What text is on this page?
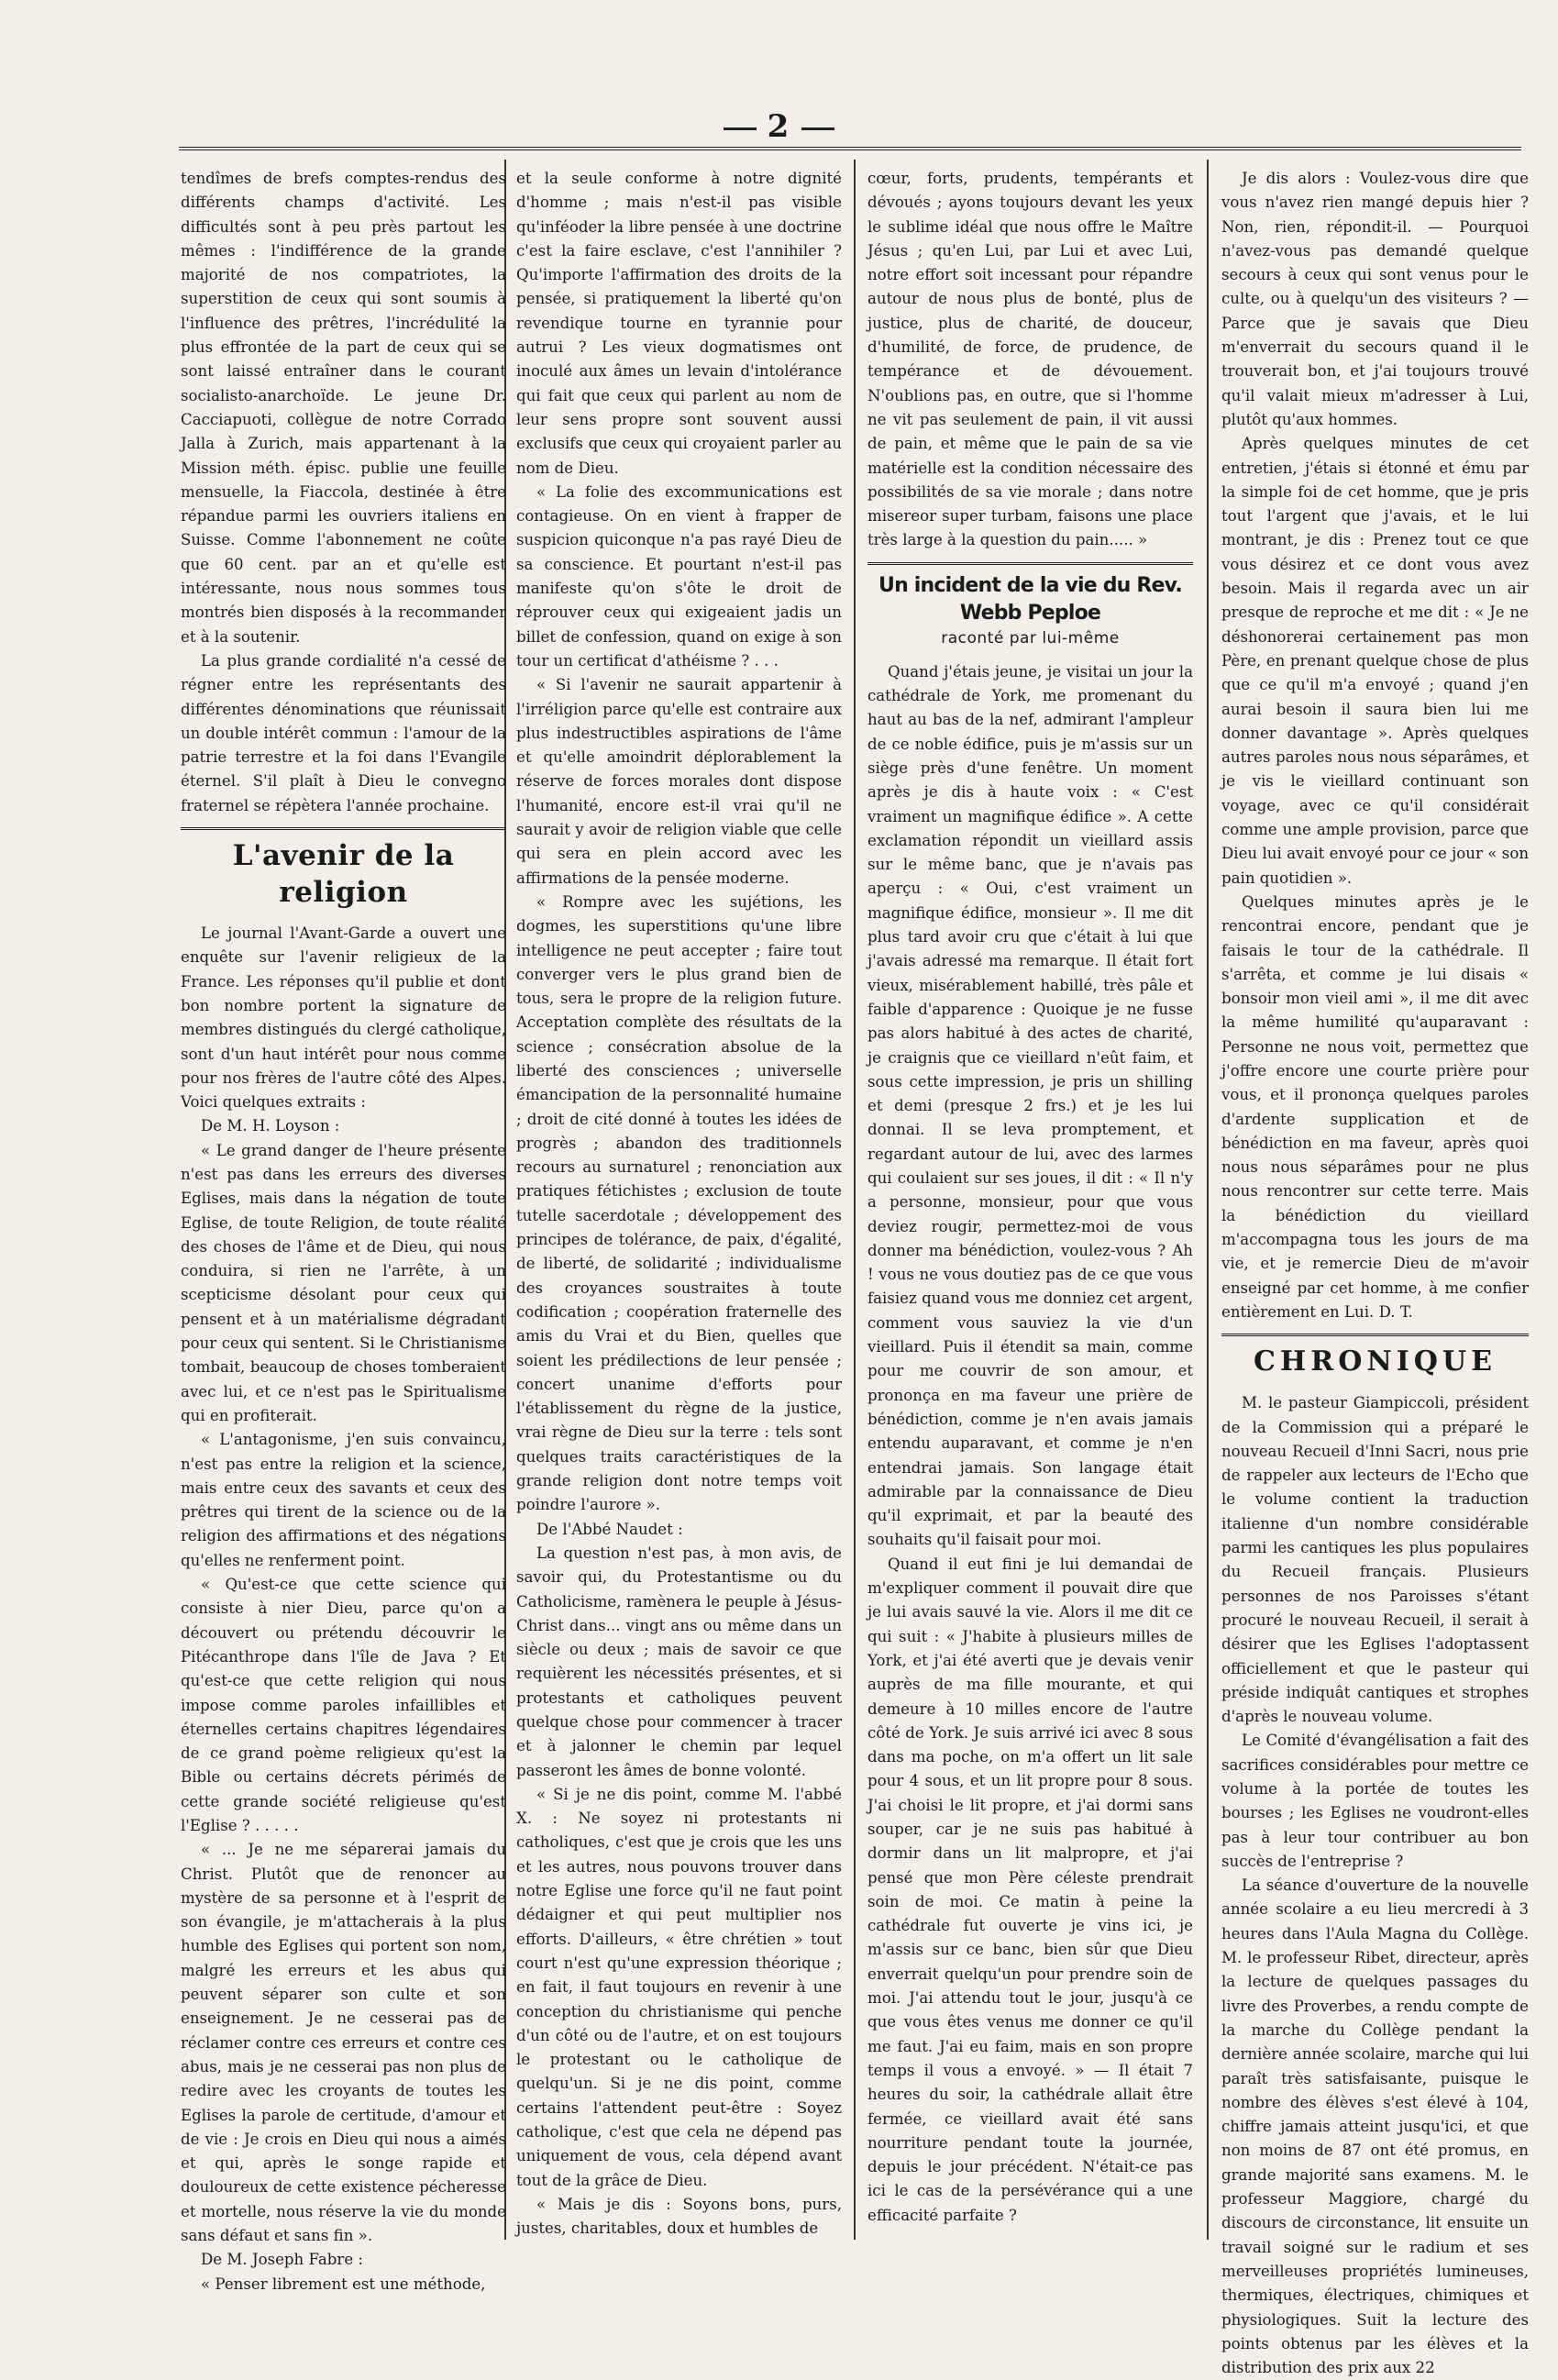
2

tendîmes de brefs comptes-rendus des différents champs d'activité. Les difficultés sont à peu près partout les mêmes : l'indifférence de la grande majorité de nos compatriotes, la superstition de ceux qui sont soumis à l'influence des prêtres, l'incrédulité la plus effrontée de la part de ceux qui se sont laissé entraîner dans le courant socialisto-anarchoïde. Le jeune Dr. Cacciapuoti, collègue de notre Corrado Jalla à Zurich, mais appartenant à la Mission méth. épisc. publie une feuille mensuelle, la Fiaccola, destinée à être répandue parmi les ouvriers italiens en Suisse. Comme l'abonnement ne coûte que 60 cent. par an et qu'elle est intéressante, nous nous sommes tous montrés bien disposés à la recommander et à la soutenir.

La plus grande cordialité n'a cessé de régner entre les représentants des différentes dénominations que réunissait un double intérêt commun : l'amour de la patrie terrestre et la foi dans l'Evangile éternel. S'il plaît à Dieu le convegno fraternel se répètera l'année prochaine.

L'avenir de la religion

Le journal l'Avant-Garde a ouvert une enquête sur l'avenir religieux de la France. Les réponses qu'il publie et dont bon nombre portent la signature de membres distingués du clergé catholique, sont d'un haut intérêt pour nous comme pour nos frères de l'autre côté des Alpes. Voici quelques extraits :

De M. H. Loyson :

« Le grand danger de l'heure présente n'est pas dans les erreurs des diverses Eglises, mais dans la négation de toute Eglise, de toute Religion, de toute réalité des choses de l'âme et de Dieu, qui nous conduira, si rien ne l'arrête, à un scepticisme désolant pour ceux qui pensent et à un matérialisme dégradant pour ceux qui sentent. Si le Christianisme tombait, beaucoup de choses tomberaient avec lui, et ce n'est pas le Spiritualisme qui en profiterait.

« L'antagonisme, j'en suis convaincu, n'est pas entre la religion et la science, mais entre ceux des savants et ceux des prêtres qui tirent de la science ou de la religion des affirmations et des négations qu'elles ne renferment point.

« Qu'est-ce que cette science qui consiste à nier Dieu, parce qu'on a découvert ou prétendu découvrir le Pitécanthrope dans l'île de Java ? Et qu'est-ce que cette religion qui nous impose comme paroles infaillibles et éternelles certains chapitres légendaires de ce grand poème religieux qu'est la Bible ou certains décrets périmés de cette grande société religieuse qu'est l'Eglise ? . . . . .

« ... Je ne me séparerai jamais du Christ. Plutôt que de renoncer au mystère de sa personne et à l'esprit de son évangile, je m'attacherais à la plus humble des Eglises qui portent son nom, malgré les erreurs et les abus qui peuvent séparer son culte et son enseignement. Je ne cesserai pas de réclamer contre ces erreurs et contre ces abus, mais je ne cesserai pas non plus de redire avec les croyants de toutes les Eglises la parole de certitude, d'amour et de vie : Je crois en Dieu qui nous a aimés et qui, après le songe rapide et douloureux de cette existence pécheresse et mortelle, nous réserve la vie du monde sans défaut et sans fin ».

De M. Joseph Fabre :

« Penser librement est une méthode,

et la seule conforme à notre dignité d'homme ; mais n'est-il pas visible qu'inféoder la libre pensée à une doctrine c'est la faire esclave, c'est l'annihiler ? Qu'importe l'affirmation des droits de la pensée, si pratiquement la liberté qu'on revendique tourne en tyrannie pour autrui ? Les vieux dogmatismes ont inoculé aux âmes un levain d'intolérance qui fait que ceux qui parlent au nom de leur sens propre sont souvent aussi exclusifs que ceux qui croyaient parler au nom de Dieu.

« La folie des excommunications est contagieuse. On en vient à frapper de suspicion quiconque n'a pas rayé Dieu de sa conscience. Et pourtant n'est-il pas manifeste qu'on s'ôte le droit de réprouver ceux qui exigeaient jadis un billet de confession, quand on exige à son tour un certificat d'athéisme ? . . .

« Si l'avenir ne saurait appartenir à l'irréligion parce qu'elle est contraire aux plus indestructibles aspirations de l'âme et qu'elle amoindrit déplorablement la réserve de forces morales dont dispose l'humanité, encore est-il vrai qu'il ne saurait y avoir de religion viable que celle qui sera en plein accord avec les affirmations de la pensée moderne.

« Rompre avec les sujétions, les dogmes, les superstitions qu'une libre intelligence ne peut accepter ; faire tout converger vers le plus grand bien de tous, sera le propre de la religion future. Acceptation complète des résultats de la science ; consécration absolue de la liberté des consciences ; universelle émancipation de la personnalité humaine ; droit de cité donné à toutes les idées de progrès ; abandon des traditionnels recours au surnaturel ; renonciation aux pratiques fétichistes ; exclusion de toute tutelle sacerdotale ; développement des principes de tolérance, de paix, d'égalité, de liberté, de solidarité ; individualisme des croyances soustraites à toute codification ; coopération fraternelle des amis du Vrai et du Bien, quelles que soient les prédilections de leur pensée ; concert unanime d'efforts pour l'établissement du règne de la justice, vrai règne de Dieu sur la terre : tels sont quelques traits caractéristiques de la grande religion dont notre temps voit poindre l'aurore ».

De l'Abbé Naudet :

La question n'est pas, à mon avis, de savoir qui, du Protestantisme ou du Catholicisme, ramènera le peuple à Jésus-Christ dans... vingt ans ou même dans un siècle ou deux ; mais de savoir ce que requièrent les nécessités présentes, et si protestants et catholiques peuvent quelque chose pour commencer à tracer et à jalonner le chemin par lequel passeront les âmes de bonne volonté.

« Si je ne dis point, comme M. l'abbé X. : Ne soyez ni protestants ni catholiques, c'est que je crois que les uns et les autres, nous pouvons trouver dans notre Eglise une force qu'il ne faut point dédaigner et qui peut multiplier nos efforts. D'ailleurs, « être chrétien » tout court n'est qu'une expression théorique ; en fait, il faut toujours en revenir à une conception du christianisme qui penche d'un côté ou de l'autre, et on est toujours le protestant ou le catholique de quelqu'un. Si je ne dis point, comme certains l'attendent peut-être : Soyez catholique, c'est que cela ne dépend pas uniquement de vous, cela dépend avant tout de la grâce de Dieu.

« Mais je dis : Soyons bons, purs, justes, charitables, doux et humbles de

cœur, forts, prudents, tempérants et dévoués ; ayons toujours devant les yeux le sublime idéal que nous offre le Maître Jésus ; qu'en Lui, par Lui et avec Lui, notre effort soit incessant pour répandre autour de nous plus de bonté, plus de justice, plus de charité, de douceur, d'humilité, de force, de prudence, de tempérance et de dévouement. N'oublions pas, en outre, que si l'homme ne vit pas seulement de pain, il vit aussi de pain, et même que le pain de sa vie matérielle est la condition nécessaire des possibilités de sa vie morale ; dans notre misereor super turbam, faisons une place très large à la question du pain..... »

Un incident de la vie du Rev. Webb Peploe

raconté par lui-même

Quand j'étais jeune, je visitai un jour la cathédrale de York, me promenant du haut au bas de la nef, admirant l'ampleur de ce noble édifice, puis je m'assis sur un siège près d'une fenêtre. Un moment après je dis à haute voix : « C'est vraiment un magnifique édifice ». A cette exclamation répondit un vieillard assis sur le même banc, que je n'avais pas aperçu : « Oui, c'est vraiment un magnifique édifice, monsieur ». Il me dit plus tard avoir cru que c'était à lui que j'avais adressé ma remarque. Il était fort vieux, misérablement habillé, très pâle et faible d'apparence : Quoique je ne fusse pas alors habitué à des actes de charité, je craignis que ce vieillard n'eût faim, et sous cette impression, je pris un shilling et demi (presque 2 frs.) et je les lui donnai. Il se leva promptement, et regardant autour de lui, avec des larmes qui coulaient sur ses joues, il dit : « Il n'y a personne, monsieur, pour que vous deviez rougir, permettez-moi de vous donner ma bénédiction, voulez-vous ? Ah ! vous ne vous doutiez pas de ce que vous faisiez quand vous me donniez cet argent, comment vous sauviez la vie d'un vieillard. Puis il étendit sa main, comme pour me couvrir de son amour, et prononça en ma faveur une prière de bénédiction, comme je n'en avais jamais entendu auparavant, et comme je n'en entendrai jamais. Son langage était admirable par la connaissance de Dieu qu'il exprimait, et par la beauté des souhaits qu'il faisait pour moi.

Quand il eut fini je lui demandai de m'expliquer comment il pouvait dire que je lui avais sauvé la vie. Alors il me dit ce qui suit : « J'habite à plusieurs milles de York, et j'ai été averti que je devais venir auprès de ma fille mourante, et qui demeure à 10 milles encore de l'autre côté de York. Je suis arrivé ici avec 8 sous dans ma poche, on m'a offert un lit sale pour 4 sous, et un lit propre pour 8 sous. J'ai choisi le lit propre, et j'ai dormi sans souper, car je ne suis pas habitué à dormir dans un lit malpropre, et j'ai pensé que mon Père céleste prendrait soin de moi. Ce matin à peine la cathédrale fut ouverte je vins ici, je m'assis sur ce banc, bien sûr que Dieu enverrait quelqu'un pour prendre soin de moi. J'ai attendu tout le jour, jusqu'à ce que vous êtes venus me donner ce qu'il me faut. J'ai eu faim, mais en son propre temps il vous a envoyé. » — Il était 7 heures du soir, la cathédrale allait être fermée, ce vieillard avait été sans nourriture pendant toute la journée, depuis le jour précédent. N'était-ce pas ici le cas de la persévérance qui a une efficacité parfaite ?

Je dis alors : Voulez-vous dire que vous n'avez rien mangé depuis hier ? Non, rien, répondit-il. — Pourquoi n'avez-vous pas demandé quelque secours à ceux qui sont venus pour le culte, ou à quelqu'un des visiteurs ? — Parce que je savais que Dieu m'enverrait du secours quand il le trouverait bon, et j'ai toujours trouvé qu'il valait mieux m'adresser à Lui, plutôt qu'aux hommes.

Après quelques minutes de cet entretien, j'étais si étonné et ému par la simple foi de cet homme, que je pris tout l'argent que j'avais, et le lui montrant, je dis : Prenez tout ce que vous désirez et ce dont vous avez besoin. Mais il regarda avec un air presque de reproche et me dit : « Je ne déshonorerai certainement pas mon Père, en prenant quelque chose de plus que ce qu'il m'a envoyé ; quand j'en aurai besoin il saura bien lui me donner davantage ». Après quelques autres paroles nous nous séparâmes, et je vis le vieillard continuant son voyage, avec ce qu'il considérait comme une ample provision, parce que Dieu lui avait envoyé pour ce jour « son pain quotidien ».

Quelques minutes après je le rencontrai encore, pendant que je faisais le tour de la cathédrale. Il s'arrêta, et comme je lui disais « bonsoir mon vieil ami », il me dit avec la même humilité qu'auparavant : Personne ne nous voit, permettez que j'offre encore une courte prière pour vous, et il prononça quelques paroles d'ardente supplication et de bénédiction en ma faveur, après quoi nous nous séparâmes pour ne plus nous rencontrer sur cette terre. Mais la bénédiction du vieillard m'accompagna tous les jours de ma vie, et je remercie Dieu de m'avoir enseigné par cet homme, à me confier entièrement en Lui. D. T.

CHRONIQUE

M. le pasteur Giampiccoli, président de la Commission qui a préparé le nouveau Recueil d'Inni Sacri, nous prie de rappeler aux lecteurs de l'Echo que le volume contient la traduction italienne d'un nombre considérable parmi les cantiques les plus populaires du Recueil français. Plusieurs personnes de nos Paroisses s'étant procuré le nouveau Recueil, il serait à désirer que les Eglises l'adoptassent officiellement et que le pasteur qui préside indiquât cantiques et strophes d'après le nouveau volume.

Le Comité d'évangélisation a fait des sacrifices considérables pour mettre ce volume à la portée de toutes les bourses ; les Eglises ne voudront-elles pas à leur tour contribuer au bon succès de l'entreprise ?

La séance d'ouverture de la nouvelle année scolaire a eu lieu mercredi à 3 heures dans l'Aula Magna du Collège. M. le professeur Ribet, directeur, après la lecture de quelques passages du livre des Proverbes, a rendu compte de la marche du Collège pendant la dernière année scolaire, marche qui lui paraît très satisfaisante, puisque le nombre des élèves s'est élevé à 104, chiffre jamais atteint jusqu'ici, et que non moins de 87 ont été promus, en grande majorité sans examens. M. le professeur Maggiore, chargé du discours de circonstance, lit ensuite un travail soigné sur le radium et ses merveilleuses propriétés lumineuses, thermiques, électriques, chimiques et physiologiques. Suit la lecture des points obtenus par les élèves et la distribution des prix aux 22
